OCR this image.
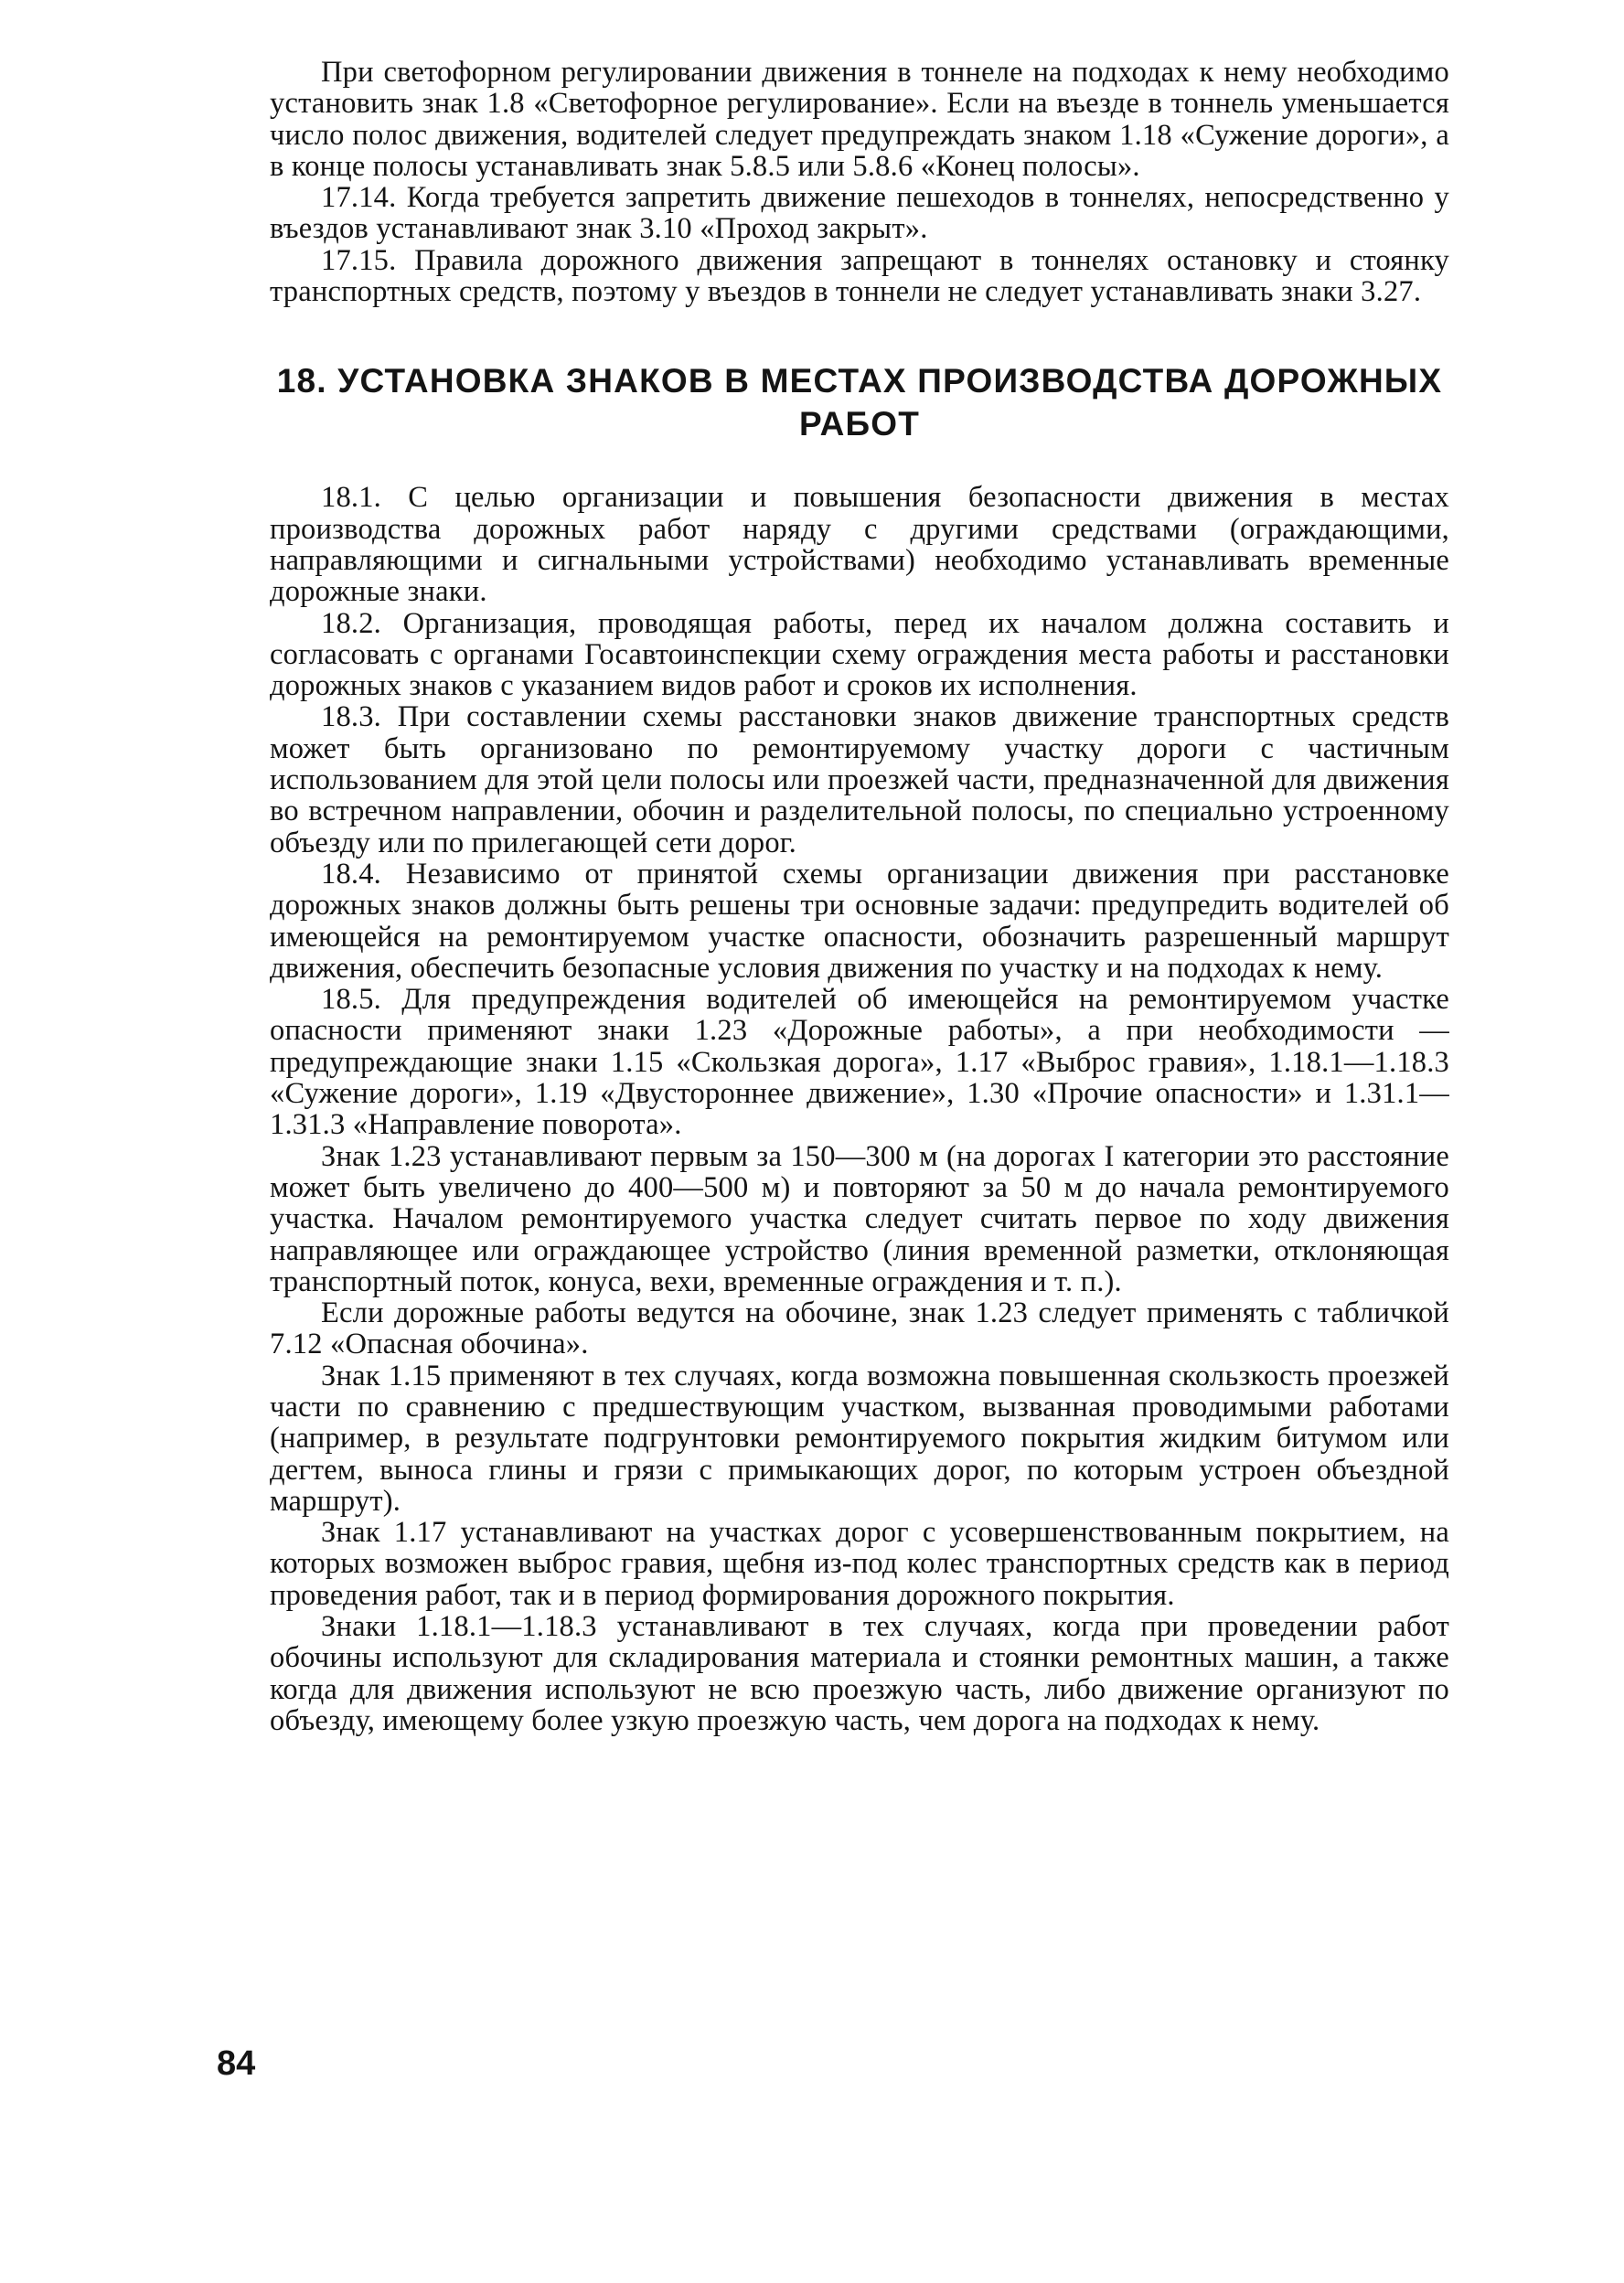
При светофорном регулировании движения в тоннеле на подходах к нему необходимо установить знак 1.8 «Светофорное регулирование». Если на въезде в тоннель уменьшается число полос движения, водителей следует предупреждать знаком 1.18 «Сужение дороги», а в конце полосы устанавливать знак 5.8.5 или 5.8.6 «Конец полосы».

17.14. Когда требуется запретить движение пешеходов в тоннелях, непосредственно у въездов устанавливают знак 3.10 «Проход закрыт».

17.15. Правила дорожного движения запрещают в тоннелях остановку и стоянку транспортных средств, поэтому у въездов в тоннели не следует устанавливать знаки 3.27.

18. УСТАНОВКА ЗНАКОВ В МЕСТАХ ПРОИЗВОДСТВА ДОРОЖНЫХ
РАБОТ

18.1. С целью организации и повышения безопасности движения в местах производства дорожных работ наряду с другими средствами (ограждающими, направляющими и сигнальными устройствами) необходимо устанавливать временные дорожные знаки.

18.2. Организация, проводящая работы, перед их началом должна составить и согласовать с органами Госавтоинспекции схему ограждения места работы и расстановки дорожных знаков с указанием видов работ и сроков их исполнения.

18.3. При составлении схемы расстановки знаков движение транспортных средств может быть организовано по ремонтируемому участку дороги с частичным использованием для этой цели полосы или проезжей части, предназначенной для движения во встречном направлении, обочин и разделительной полосы, по специально устроенному объезду или по прилегающей сети дорог.

18.4. Независимо от принятой схемы организации движения при расстановке дорожных знаков должны быть решены три основные задачи: предупредить водителей об имеющейся на ремонтируемом участке опасности, обозначить разрешенный маршрут движения, обеспечить безопасные условия движения по участку и на подходах к нему.

18.5. Для предупреждения водителей об имеющейся на ремонтируемом участке опасности применяют знаки 1.23 «Дорожные работы», а при необходимости — предупреждающие знаки 1.15 «Скользкая дорога», 1.17 «Выброс гравия», 1.18.1—1.18.3 «Сужение дороги», 1.19 «Двустороннее движение», 1.30 «Прочие опасности» и 1.31.1—1.31.3 «Направление поворота».

Знак 1.23 устанавливают первым за 150—300 м (на дорогах I категории это расстояние может быть увеличено до 400—500 м) и повторяют за 50 м до начала ремонтируемого участка. Началом ремонтируемого участка следует считать первое по ходу движения направляющее или ограждающее устройство (линия временной разметки, отклоняющая транспортный поток, конуса, вехи, временные ограждения и т. п.).

Если дорожные работы ведутся на обочине, знак 1.23 следует применять с табличкой 7.12 «Опасная обочина».

Знак 1.15 применяют в тех случаях, когда возможна повышенная скользкость проезжей части по сравнению с предшествующим участком, вызванная проводимыми работами (например, в результате подгрунтовки ремонтируемого покрытия жидким битумом или дегтем, выноса глины и грязи с примыкающих дорог, по которым устроен объездной маршрут).

Знак 1.17 устанавливают на участках дорог с усовершенствованным покрытием, на которых возможен выброс гравия, щебня из-под колес транспортных средств как в период проведения работ, так и в период формирования дорожного покрытия.

Знаки 1.18.1—1.18.3 устанавливают в тех случаях, когда при проведении работ обочины используют для складирования материала и стоянки ремонтных машин, а также когда для движения используют не всю проезжую часть, либо движение организуют по объезду, имеющему более узкую проезжую часть, чем дорога на подходах к нему.

84
